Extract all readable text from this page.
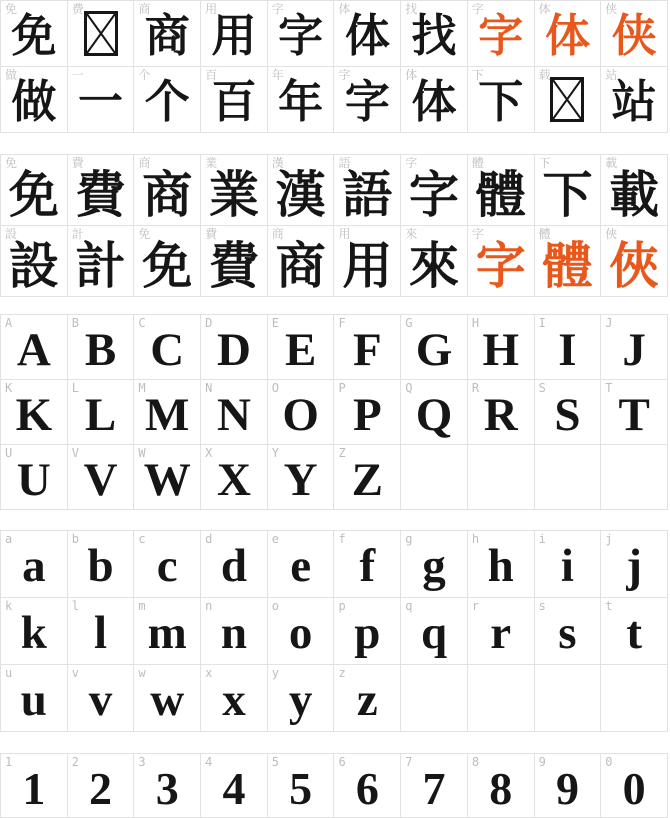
免
免
费	商
商
用
用
字
字
体
体
找
找
字
字
体
体
侠
侠
做
做
一
一
个
个
百
百
年
年
字
字
体
体
下
下
载	站
站
免
免
費
費
商
商
業
業
漢
漢
語
語
字
字
體
體
下
下
載
載
設
設
計
計
免
免
費
費
商
商
用
用
來
來
字
字
體
體
俠
俠
A
A
B
B
C
C
D
D
E
E
F
F
G
G
H
H
I
I
J
J
K
K
L
L
M
M
N
N
O
O
P
P
Q
Q
R
R
S
S
T
T
U
U
V
V
W
W
X
X
Y
Y
Z
Z
a
a
b
b
c
c
d
d
e
e
f
f
g
g
h
h
i
i
j
j
k
k
l
l
m
m
n
n
o
o
p
p
q
q
r
r
s
s
t
t
u
u
v
v
w
w
x
x
y
y
z
z
1
1
2
2
3
3
4
4
5
5
6
6
7
7
8
8
9
9
0
0
